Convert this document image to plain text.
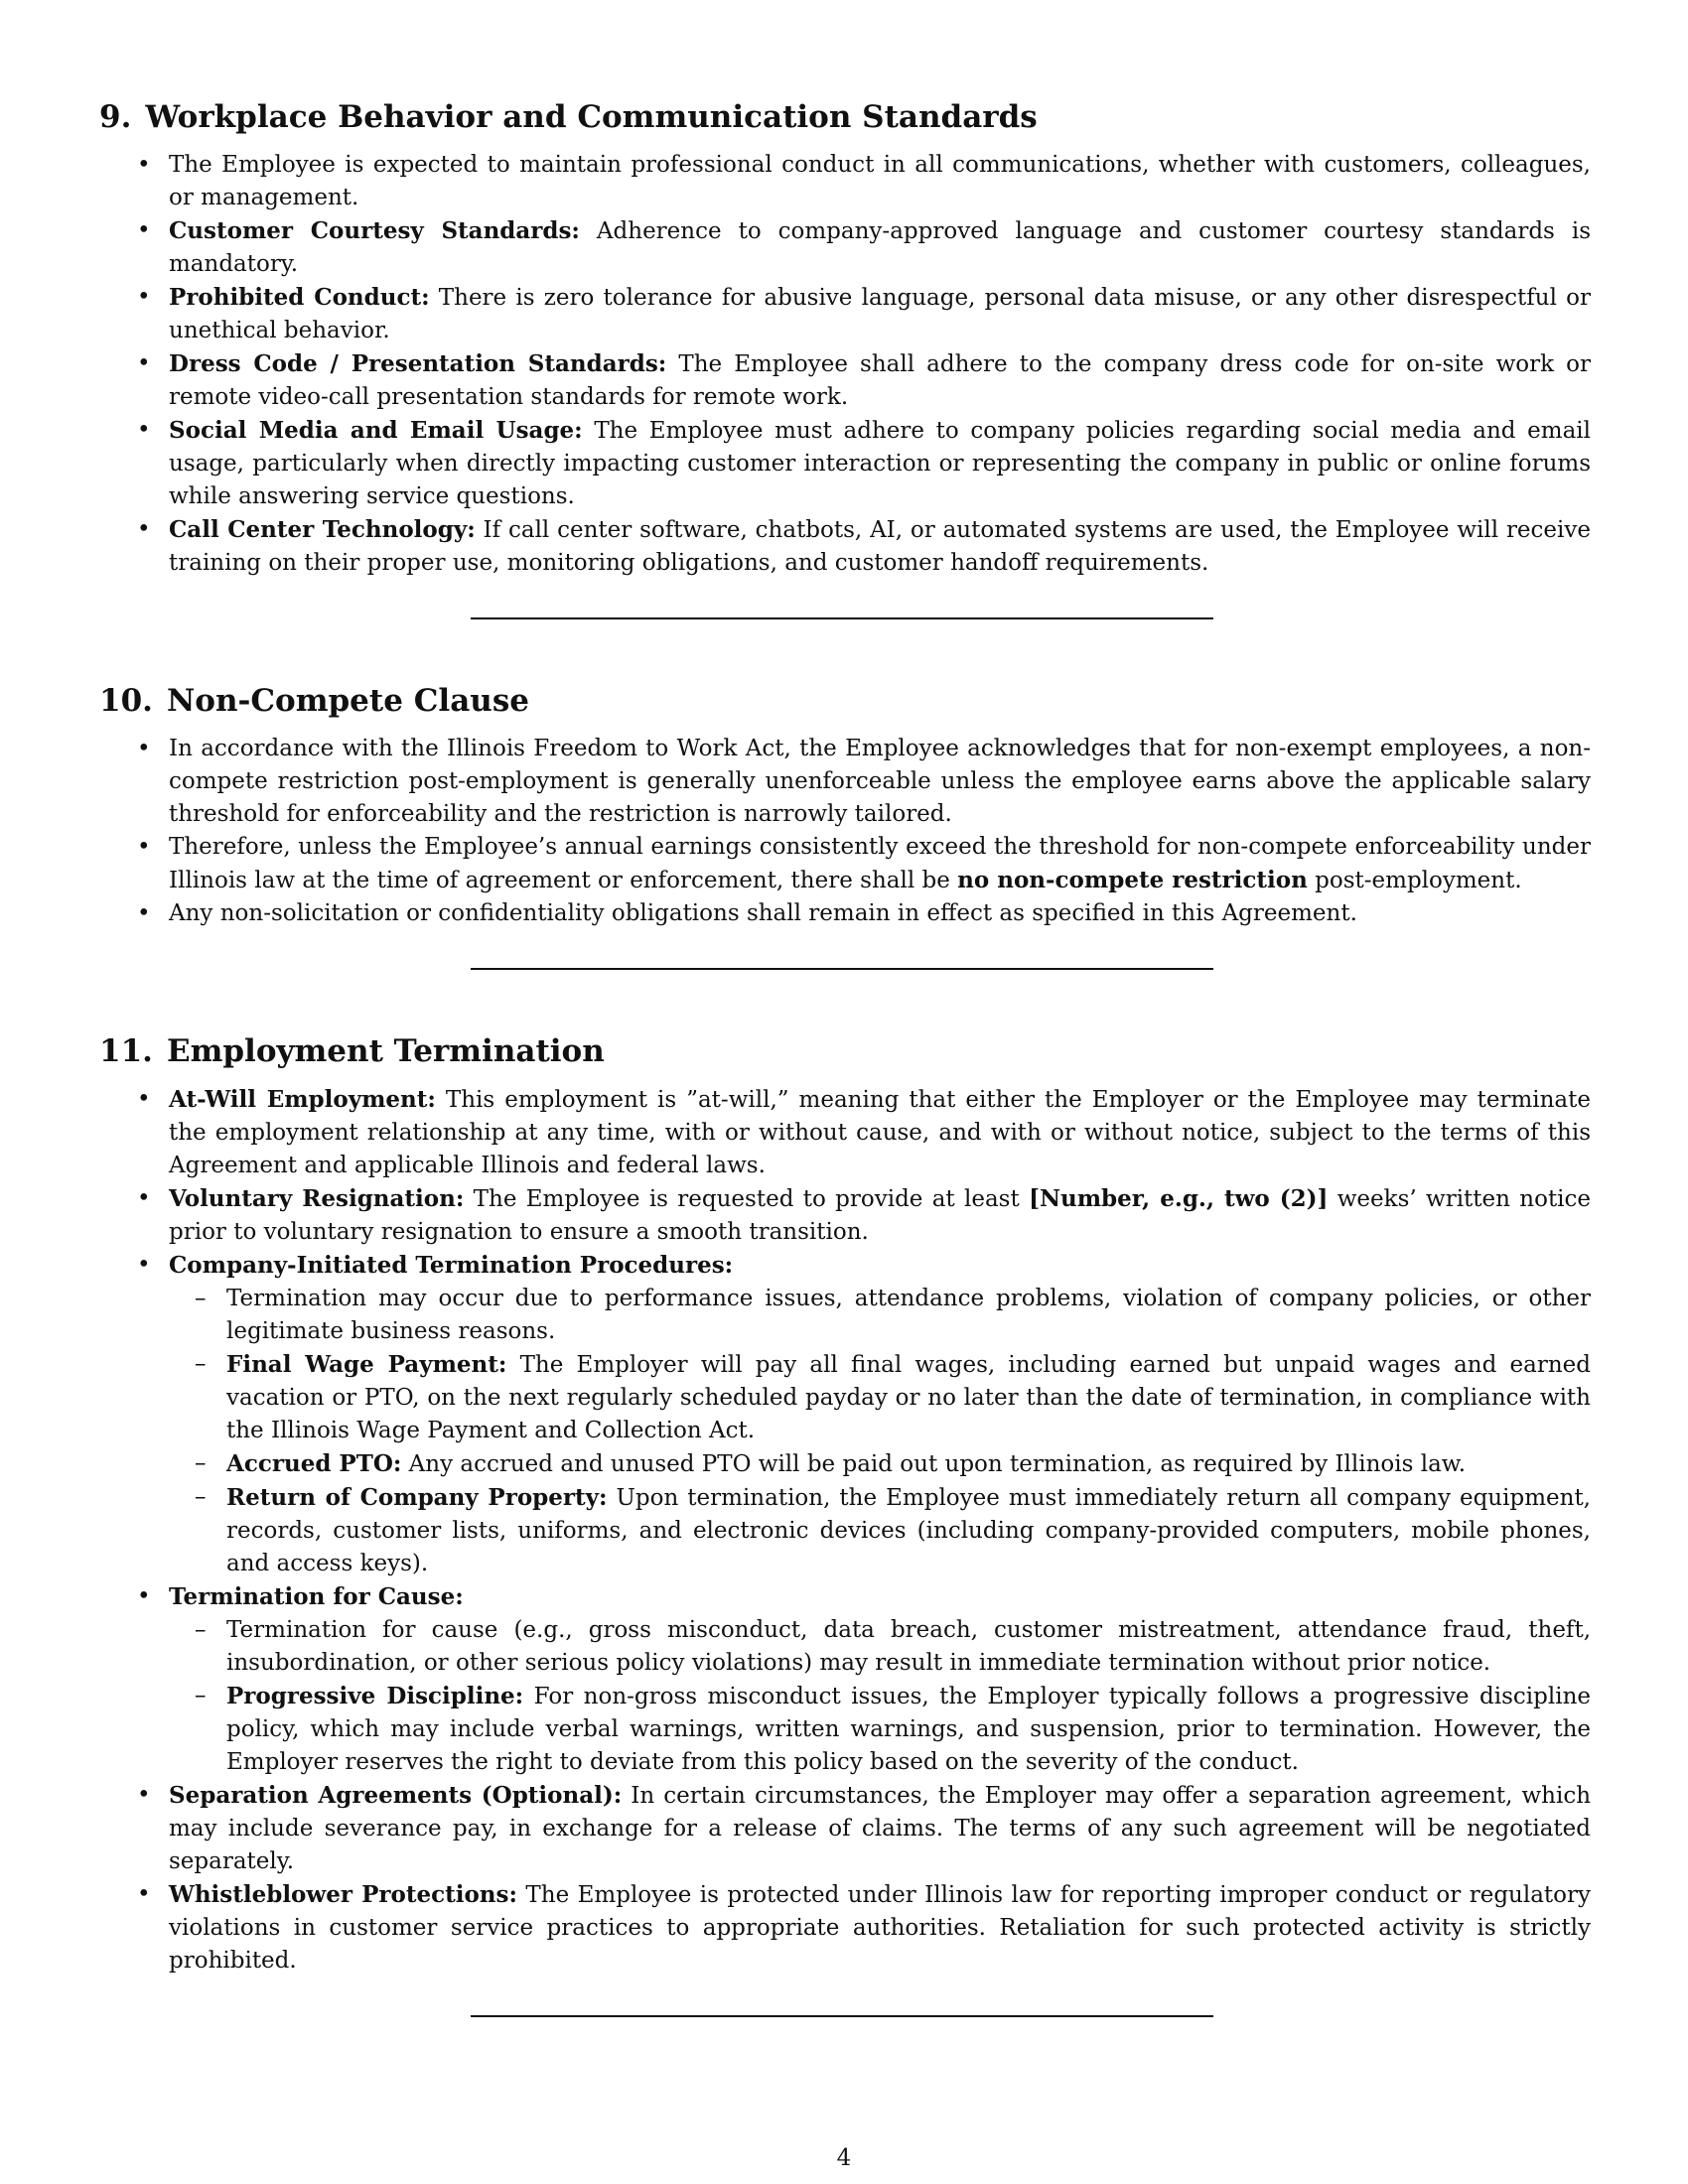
9. Workplace Behavior and Communication Standards
• The Employee is expected to maintain professional conduct in all communications, whether with customers, colleagues, or management.
• Customer Courtesy Standards: Adherence to company-approved language and customer courtesy standards is mandatory.
• Prohibited Conduct: There is zero tolerance for abusive language, personal data misuse, or any other disrespectful or unethical behavior.
• Dress Code / Presentation Standards: The Employee shall adhere to the company dress code for on-site work or remote video-call presentation standards for remote work.
• Social Media and Email Usage: The Employee must adhere to company policies regarding social media and email usage, particularly when directly impacting customer interaction or representing the company in public or online forums while answering service questions.
• Call Center Technology: If call center software, chatbots, AI, or automated systems are used, the Employee will receive training on their proper use, monitoring obligations, and customer handoff requirements.
10. Non-Compete Clause
• In accordance with the Illinois Freedom to Work Act, the Employee acknowledges that for non-exempt employees, a non-compete restriction post-employment is generally unenforceable unless the employee earns above the applicable salary threshold for enforceability and the restriction is narrowly tailored.
• Therefore, unless the Employee’s annual earnings consistently exceed the threshold for non-compete enforceability under Illinois law at the time of agreement or enforcement, there shall be no non-compete restriction post-employment.
• Any non-solicitation or confidentiality obligations shall remain in effect as specified in this Agreement.
11. Employment Termination
• At-Will Employment: This employment is ”at-will,” meaning that either the Employer or the Employee may terminate the employment relationship at any time, with or without cause, and with or without notice, subject to the terms of this Agreement and applicable Illinois and federal laws.
• Voluntary Resignation: The Employee is requested to provide at least [Number, e.g., two (2)] weeks’ written notice prior to voluntary resignation to ensure a smooth transition.
• Company-Initiated Termination Procedures:
– Termination may occur due to performance issues, attendance problems, violation of company policies, or other legitimate business reasons.
– Final Wage Payment: The Employer will pay all final wages, including earned but unpaid wages and earned vacation or PTO, on the next regularly scheduled payday or no later than the date of termination, in compliance with the Illinois Wage Payment and Collection Act.
– Accrued PTO: Any accrued and unused PTO will be paid out upon termination, as required by Illinois law.
– Return of Company Property: Upon termination, the Employee must immediately return all company equipment, records, customer lists, uniforms, and electronic devices (including company-provided computers, mobile phones, and access keys).
• Termination for Cause:
– Termination for cause (e.g., gross misconduct, data breach, customer mistreatment, attendance fraud, theft, insubordination, or other serious policy violations) may result in immediate termination without prior notice.
– Progressive Discipline: For non-gross misconduct issues, the Employer typically follows a progressive discipline policy, which may include verbal warnings, written warnings, and suspension, prior to termination. However, the Employer reserves the right to deviate from this policy based on the severity of the conduct.
• Separation Agreements (Optional): In certain circumstances, the Employer may offer a separation agreement, which may include severance pay, in exchange for a release of claims. The terms of any such agreement will be negotiated separately.
• Whistleblower Protections: The Employee is protected under Illinois law for reporting improper conduct or regulatory violations in customer service practices to appropriate authorities. Retaliation for such protected activity is strictly prohibited.
4
